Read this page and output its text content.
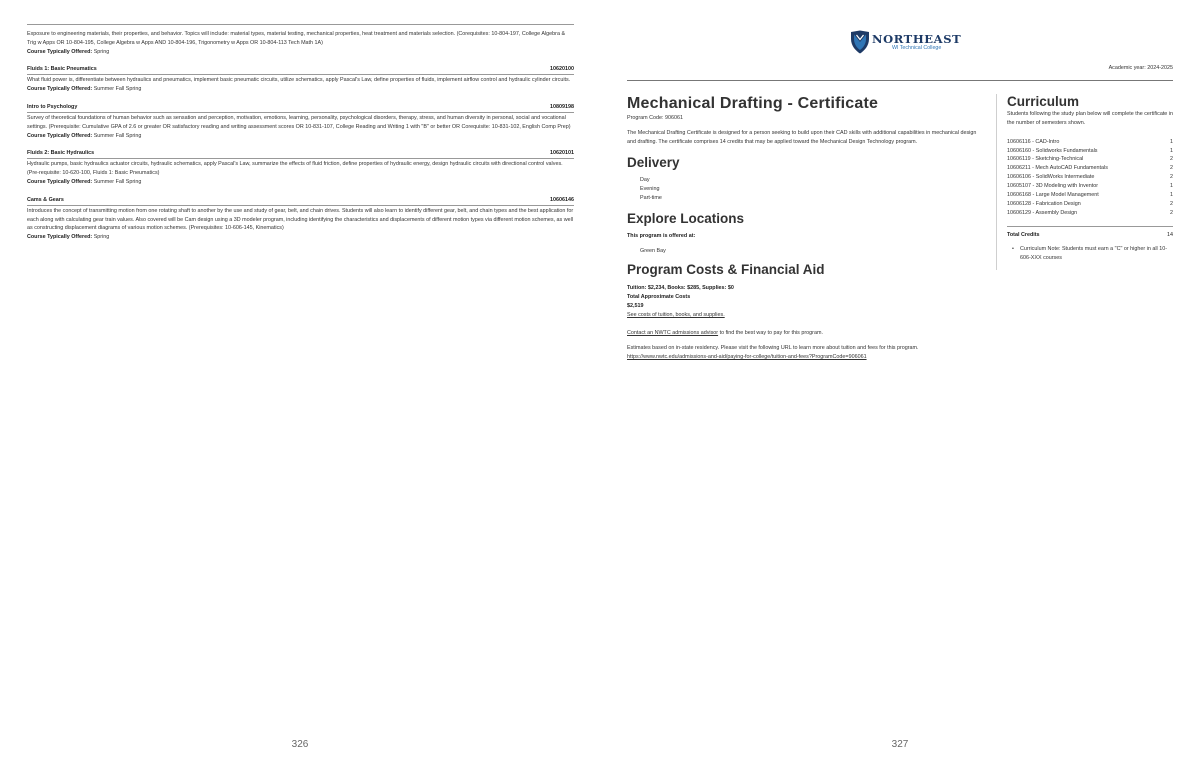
Exposure to engineering materials, their properties, and behavior. Topics will include: material types, material testing, mechanical properties, heat treatment and materials selection. (Corequisites: 10-804-197, College Algebra & Trig w Apps OR 10-804-195, College Algebra w Apps AND 10-804-196, Trigonometry w Apps OR 10-804-113 Tech Math 1A)
Course Typically Offered: Spring
Fluids 1: Basic Pneumatics	10620100
What fluid power is, differentiate between hydraulics and pneumatics, implement basic pneumatic circuits, utilize schematics, apply Pascal's Law, define properties of fluids, implement airflow control and hydraulic cylinder circuits.
Course Typically Offered: Summer Fall Spring
Intro to Psychology	10809198
Survey of theoretical foundations of human behavior such as sensation and perception, motivation, emotions, learning, personality, psychological disorders, therapy, stress, and human diversity in personal, social and vocational settings. (Prerequisite: Cumulative GPA of 2.6 or greater OR satisfactory reading and writing assessment scores OR 10-831-107, College Reading and Writing 1 with "B" or better OR Corequisite: 10-831-102, English Comp Prep)
Course Typically Offered: Summer Fall Spring
Fluids 2: Basic Hydraulics	10620101
Hydraulic pumps, basic hydraulics actuator circuits, hydraulic schematics, apply Pascal's Law, summarize the effects of fluid friction, define properties of hydraulic energy, design hydraulic circuits with directional control valves. (Pre-requisite: 10-620-100, Fluids 1: Basic Pneumatics)
Course Typically Offered: Summer Fall Spring
Cams & Gears	10606146
Introduces the concept of transmitting motion from one rotating shaft to another by the use and study of gear, belt, and chain drives. Students will also learn to identify different gear, belt, and chain types and the best application for each along with calculating gear train values. Also covered will be Cam design using a 3D modeler program, including identifying the characteristics and displacements of different motion types via different motion schemes, as well as constructing displacement diagrams of various motion schemes. (Prerequisites: 10-606-145, Kinematics)
Course Typically Offered: Spring
326
NORTHEAST
WI Technical College
Academic year: 2024-2025
Mechanical Drafting - Certificate
Program Code: 906061
The Mechanical Drafting Certificate is designed for a person seeking to build upon their CAD skills with additional capabilities in mechanical design and drafting. The certificate comprises 14 credits that may be applied toward the Mechanical Design Technology program.
Delivery
Day
Evening
Part-time
Explore Locations
This program is offered at:
Green Bay
Program Costs & Financial Aid
Tuition: $2,234, Books: $285, Supplies: $0
Total Approximate Costs
$2,519
See costs of tuition, books, and supplies.
Contact an NWTC admissions advisor to find the best way to pay for this program.
Estimates based on in-state residency. Please visit the following URL to learn more about tuition and fees for this program.
https://www.nwtc.edu/admissions-and-aid/paying-for-college/tuition-and-fees?ProgramCode=906061
Curriculum
Students following the study plan below will complete the certificate in the number of semesters shown.
10606116 - CAD-Intro	1
10606160 - Solidworks Fundamentals	1
10606119 - Sketching-Technical	2
10606211 - Mech AutoCAD Fundamentals	2
10606106 - SolidWorks Intermediate	2
10605107 - 3D Modeling with Inventor	1
10606168 - Large Model Management	1
10606128 - Fabrication Design	2
10606129 - Assembly Design	2
Total Credits	14
• Curriculum Note: Students must earn a "C" or higher in all 10-606-XXX courses
327
